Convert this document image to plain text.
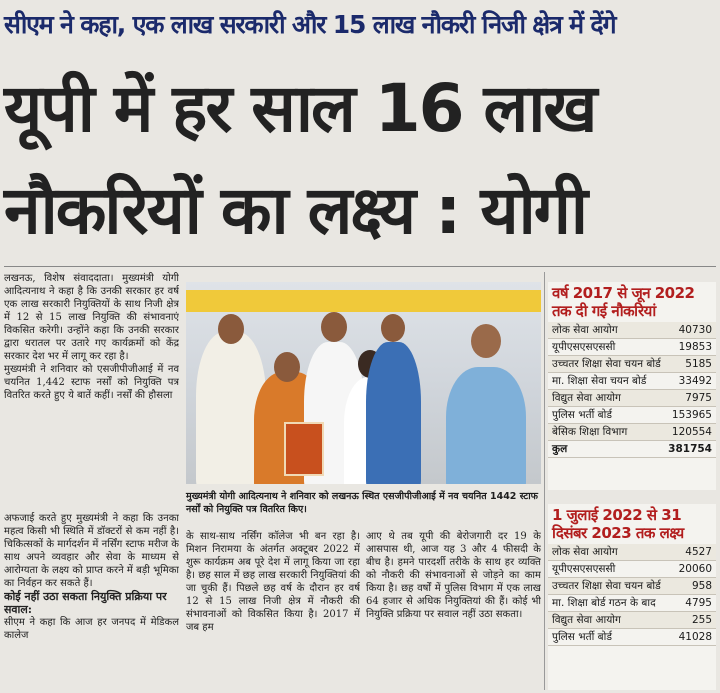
सीएम ने कहा, एक लाख सरकारी और 15 लाख नौकरी निजी क्षेत्र में देंगे
यूपी में हर साल 16 लाख
नौकरियों का लक्ष्य : योगी

लखनऊ, विशेष संवाददाता। मुख्यमंत्री योगी आदित्यनाथ ने कहा है कि उनकी सरकार हर वर्ष एक लाख सरकारी नियुक्तियों के साथ निजी क्षेत्र में 12 से 15 लाख नियुक्ति की संभावनाएं विकसित करेगी। उन्होंने कहा कि उनकी सरकार द्वारा धरातल पर उतारे गए कार्यक्रमों को केंद्र सरकार देश भर में लागू कर रहा है।

मुख्यमंत्री ने शनिवार को एसजीपीजीआई में नव चयनित 1,442 स्टाफ नर्सों को नियुक्ति पत्र वितरित करते हुए ये बातें कहीं। नर्सों की हौसला

मुख्यमंत्री योगी आदित्यनाथ ने शनिवार को लखनऊ स्थित एसजीपीजीआई में नव चयनित 1442 स्टाफ नर्सों को नियुक्ति पत्र वितरित किए।

अफजाई करते हुए मुख्यमंत्री ने कहा कि उनका महत्व किसी भी स्थिति में डॉक्टरों से कम नहीं है। चिकित्सकों के मार्गदर्शन में नर्सिंग स्टाफ मरीज के साथ अपने व्यवहार और सेवा के माध्यम से आरोग्यता के लक्ष्य को प्राप्त करने में बड़ी भूमिका का निर्वहन कर सकते हैं।

कोई नहीं उठा सकता नियुक्ति प्रक्रिया पर सवाल:

सीएम ने कहा कि आज हर जनपद में मेडिकल कालेज

के साथ-साथ नर्सिंग कॉलेज भी बन रहा है। मिशन निरामया के अंतर्गत अक्टूबर 2022 में शुरू कार्यक्रम अब पूरे देश में लागू किया जा रहा है। छह साल में छह लाख सरकारी नियुक्तियां की जा चुकी हैं। पिछले छह वर्ष के दौरान हर वर्ष 12 से 15 लाख निजी क्षेत्र में नौकरी की संभावनाओं को विकसित किया है। 2017 में जब हम

आए थे तब यूपी की बेरोजगारी दर 19 के आसपास थी, आज यह 3 और 4 फीसदी के बीच है। हमने पारदर्शी तरीके के साथ हर व्यक्ति को नौकरी की संभावनाओं से जोड़ने का काम किया है। छह वर्षों में पुलिस विभाग में एक लाख 64 हजार से अधिक नियुक्तियां की हैं। कोई भी नियुक्ति प्रक्रिया पर सवाल नहीं उठा सकता।

वर्ष 2017 से जून 2022 तक दी गई नौकरियां
लोक सेवा आयोग	40730
यूपीएसएसएससी	19853
उच्चतर शिक्षा सेवा चयन बोर्ड 5185
मा. शिक्षा सेवा चयन बोर्ड	33492
विद्युत सेवा आयोग	7975
पुलिस भर्ती बोर्ड	153965
बेसिक शिक्षा विभाग	120554
कुल	381754
1 जुलाई 2022 से 31 दिसंबर 2023 तक लक्ष्य
लोक सेवा आयोग	4527
यूपीएसएसएससी	20060
उच्चतर शिक्षा सेवा चयन बोर्ड	958
मा. शिक्षा बोर्ड गठन के बाद	4795
विद्युत सेवा आयोग	255
पुलिस भर्ती बोर्ड	41028
